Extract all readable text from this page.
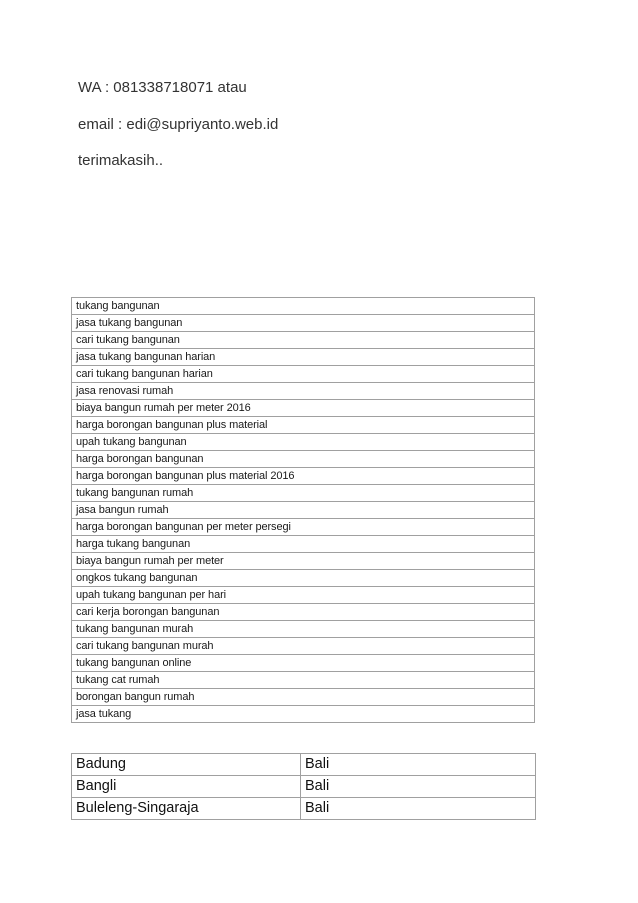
WA : 081338718071 atau

email : edi@supriyanto.web.id

terimakasih..

tukang bangunan
jasa tukang bangunan
cari tukang bangunan
jasa tukang bangunan harian
cari tukang bangunan harian
jasa renovasi rumah
biaya bangun rumah per meter 2016
harga borongan bangunan plus material
upah tukang bangunan
harga borongan bangunan
harga borongan bangunan plus material 2016
tukang bangunan rumah
jasa bangun rumah
harga borongan bangunan per meter persegi
harga tukang bangunan
biaya bangun rumah per meter
ongkos tukang bangunan
upah tukang bangunan per hari
cari kerja borongan bangunan
tukang bangunan murah
cari tukang bangunan murah
tukang bangunan online
tukang cat rumah
borongan bangun rumah
jasa tukang
Badung	Bali
Bangli	Bali
Buleleng-Singaraja	Bali
